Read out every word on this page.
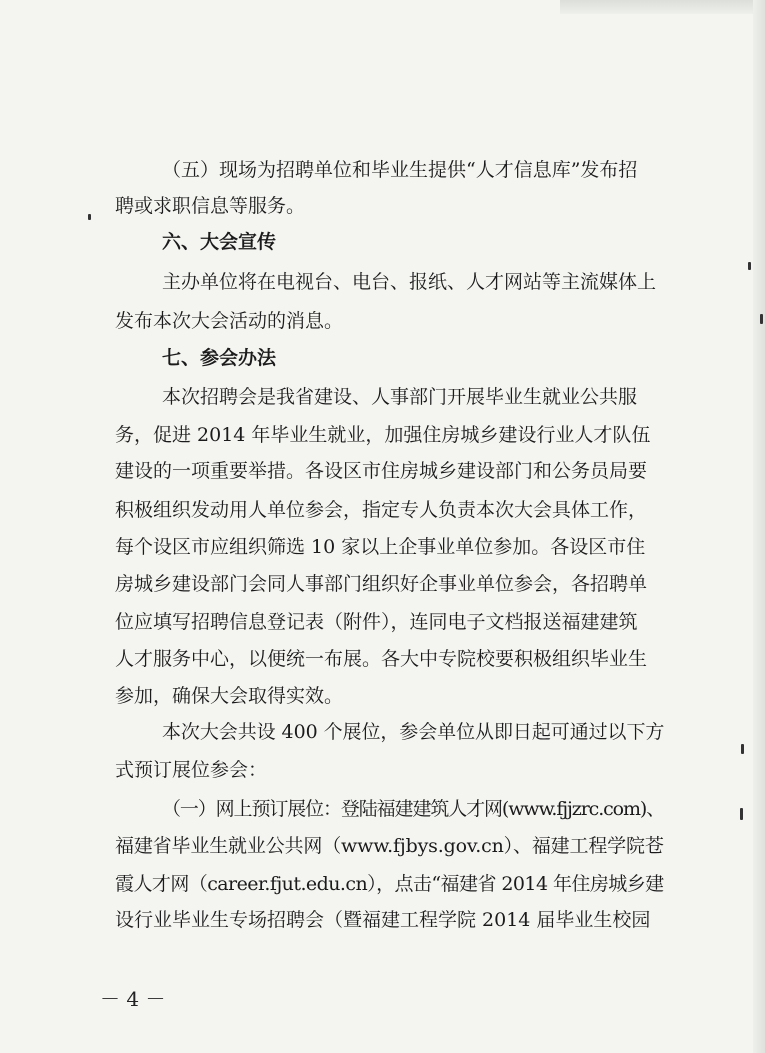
（五）现场为招聘单位和毕业生提供“人才信息库”发布招
聘或求职信息等服务。
六、大会宣传
主办单位将在电视台、电台、报纸、人才网站等主流媒体上
发布本次大会活动的消息。
七、参会办法
本次招聘会是我省建设、人事部门开展毕业生就业公共服
务，促进 2014 年毕业生就业，加强住房城乡建设行业人才队伍
建设的一项重要举措。各设区市住房城乡建设部门和公务员局要
积极组织发动用人单位参会，指定专人负责本次大会具体工作，
每个设区市应组织筛选 10 家以上企事业单位参加。各设区市住
房城乡建设部门会同人事部门组织好企事业单位参会，各招聘单
位应填写招聘信息登记表（附件），连同电子文档报送福建建筑
人才服务中心，以便统一布展。各大中专院校要积极组织毕业生
参加，确保大会取得实效。
本次大会共设 400 个展位，参会单位从即日起可通过以下方
式预订展位参会：
（一）网上预订展位：登陆福建建筑人才网(www.fjjzrc.com)、
福建省毕业生就业公共网（www.fjbys.gov.cn）、福建工程学院苍
霞人才网（career.fjut.edu.cn），点击“福建省 2014 年住房城乡建
设行业毕业生专场招聘会（暨福建工程学院 2014 届毕业生校园
－ 4 －
